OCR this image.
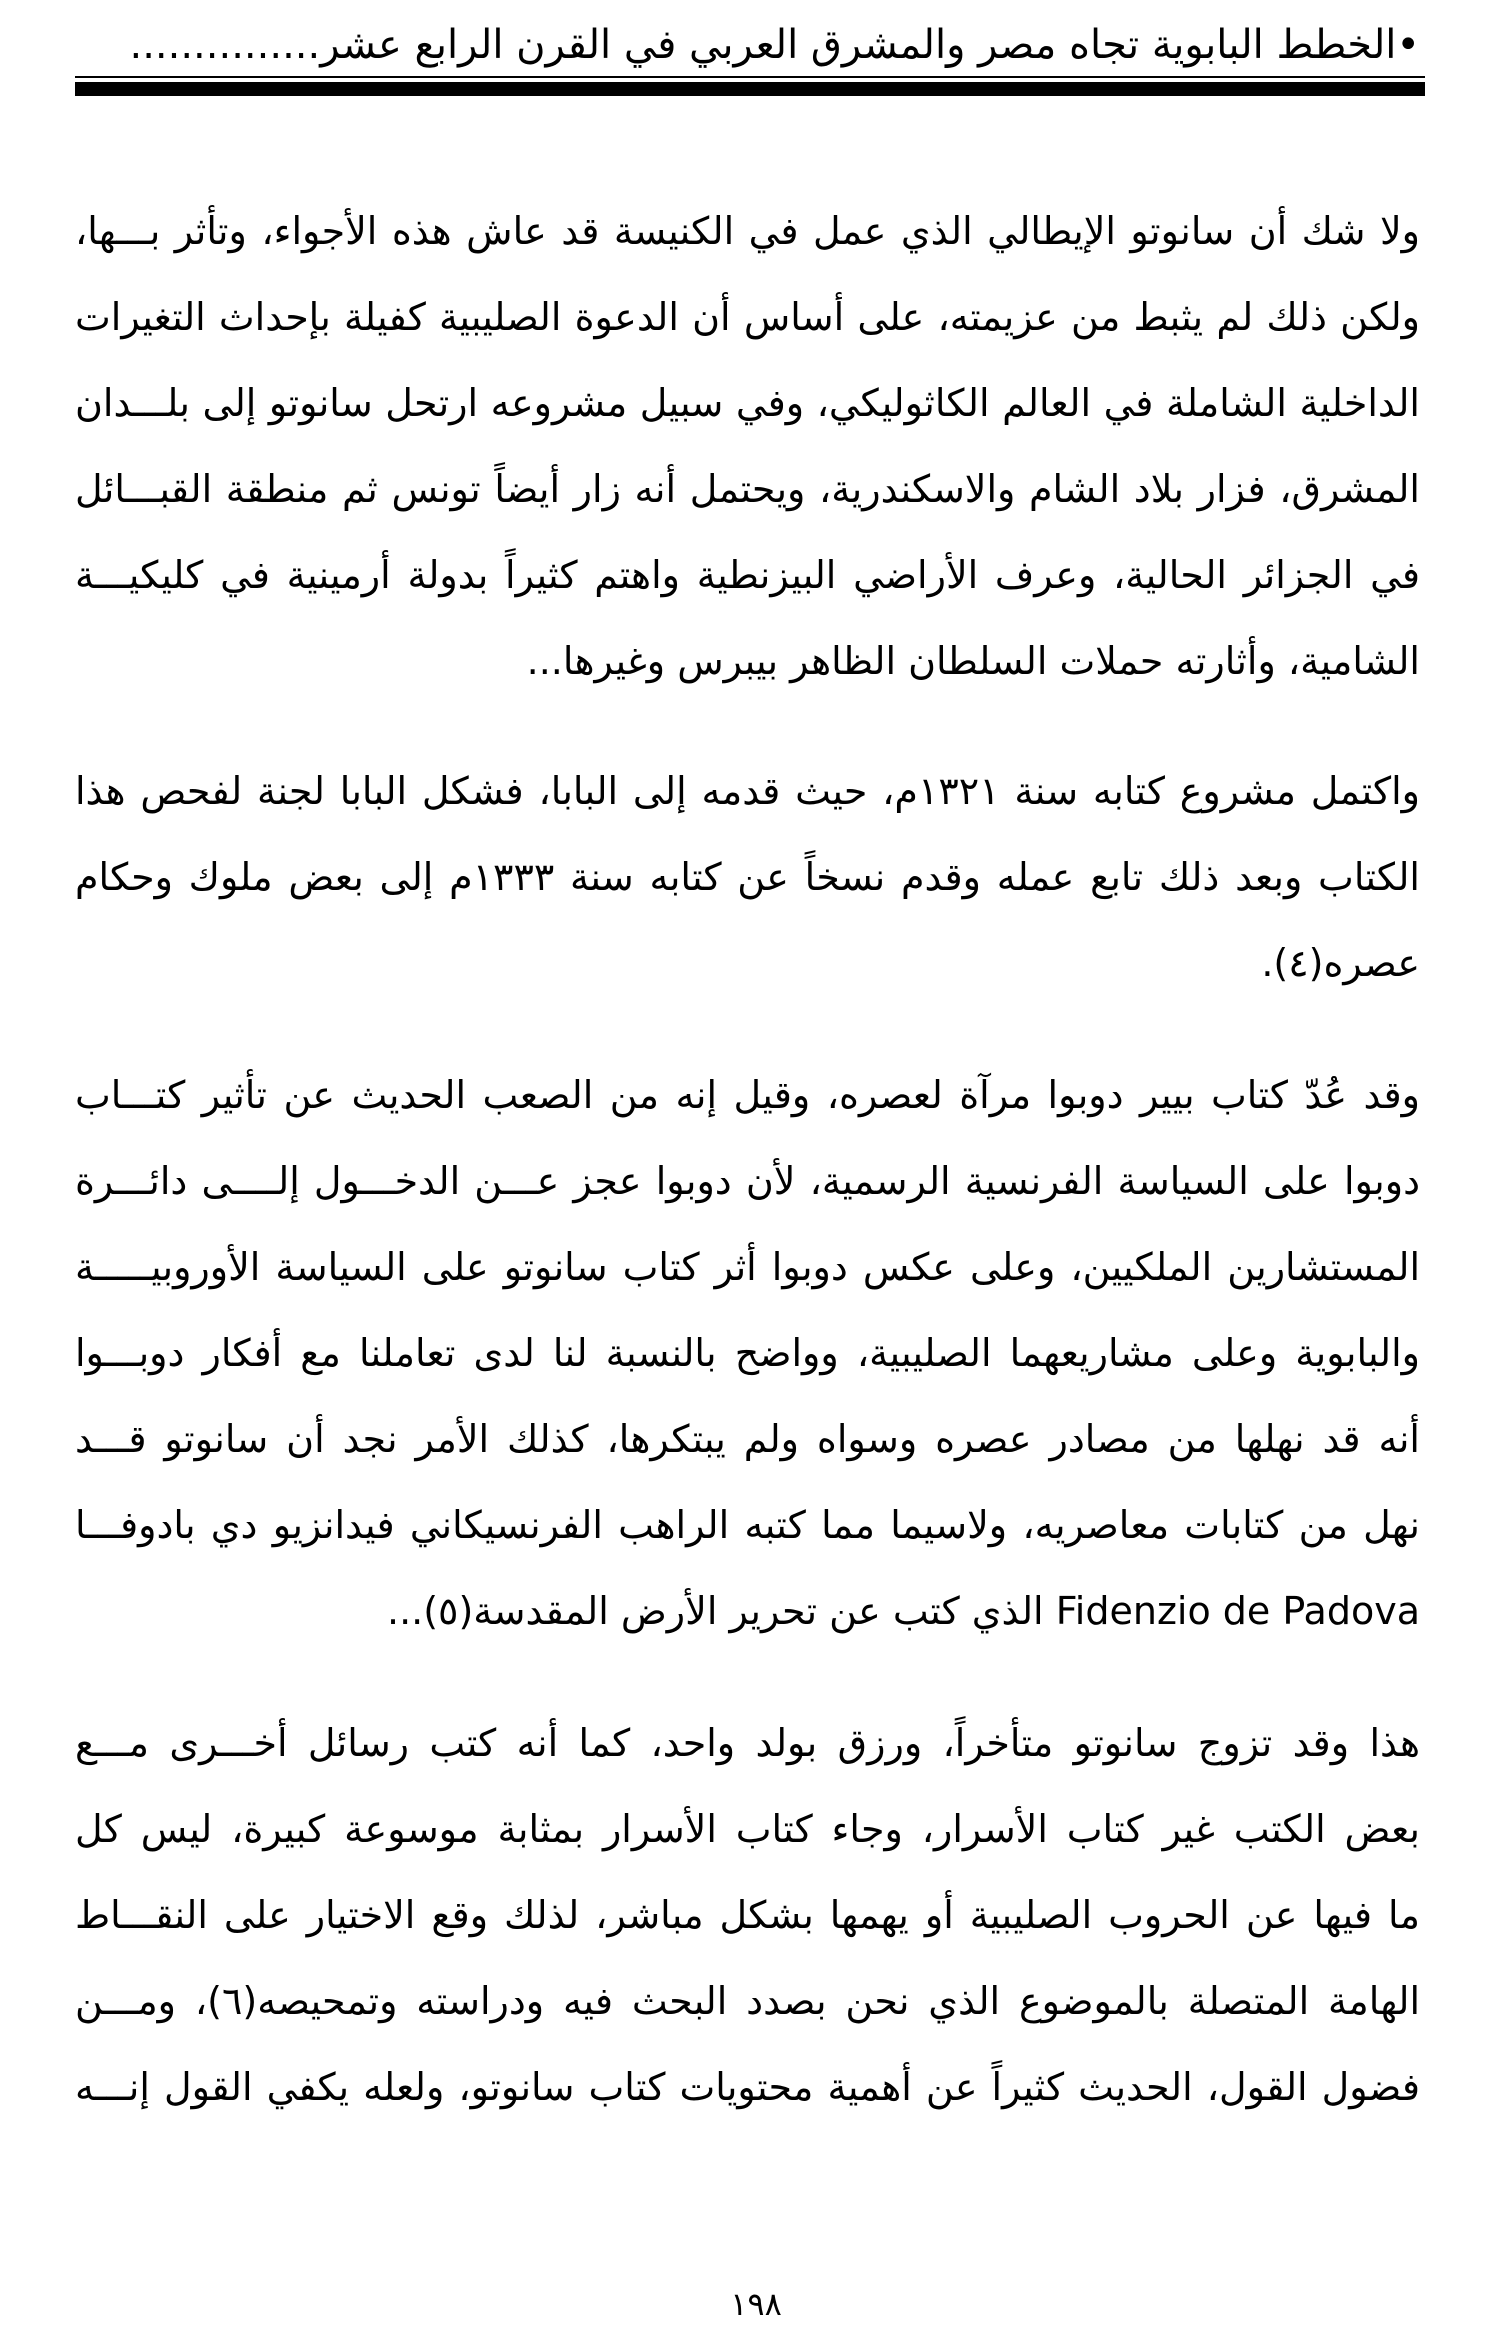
•الخطط البابوية تجاه مصر والمشرق العربي في القرن الرابع عشر...............
ولا شك أن سانوتو الإيطالي الذي عمل في الكنيسة قد عاش هذه الأجواء، وتأثر بـــها،
ولكن ذلك لم يثبط من عزيمته، على أساس أن الدعوة الصليبية كفيلة بإحداث التغيرات
الداخلية الشاملة في العالم الكاثوليكي، وفي سبيل مشروعه ارتحل سانوتو إلى بلـــدان
المشرق، فزار بلاد الشام والاسكندرية، ويحتمل أنه زار أيضاً تونس ثم منطقة القبـــائل
في الجزائر الحالية، وعرف الأراضي البيزنطية واهتم كثيراً بدولة أرمينية في كليكيـــة
الشامية، وأثارته حملات السلطان الظاهر بيبرس وغيرها...
واكتمل مشروع كتابه سنة ١٣٢١م، حيث قدمه إلى البابا، فشكل البابا لجنة لفحص هذا
الكتاب وبعد ذلك تابع عمله وقدم نسخاً عن كتابه سنة ١٣٣٣م إلى بعض ملوك وحكام
عصره(٤).
وقد عُدّ كتاب بيير دوبوا مرآة لعصره، وقيل إنه من الصعب الحديث عن تأثير كتـــاب
دوبوا على السياسة الفرنسية الرسمية، لأن دوبوا عجز عـــن الدخـــول إلــــى دائـــرة
المستشارين الملكيين، وعلى عكس دوبوا أثر كتاب سانوتو على السياسة الأوروبيـــــة
والبابوية وعلى مشاريعهما الصليبية، وواضح بالنسبة لنا لدى تعاملنا مع أفكار دوبـــوا
أنه قد نهلها من مصادر عصره وسواه ولم يبتكرها، كذلك الأمر نجد أن سانوتو قـــد
نهل من كتابات معاصريه، ولاسيما مما كتبه الراهب الفرنسيكاني فيدانزيو دي بادوفـــا
Fidenzio de Padova الذي كتب عن تحرير الأرض المقدسة(٥)...
هذا وقد تزوج سانوتو متأخراً، ورزق بولد واحد، كما أنه كتب رسائل أخـــرى مـــع
بعض الكتب غير كتاب الأسرار، وجاء كتاب الأسرار بمثابة موسوعة كبيرة، ليس كل
ما فيها عن الحروب الصليبية أو يهمها بشكل مباشر، لذلك وقع الاختيار على النقـــاط
الهامة المتصلة بالموضوع الذي نحن بصدد البحث فيه ودراسته وتمحيصه(٦)، ومـــن
فضول القول، الحديث كثيراً عن أهمية محتويات كتاب سانوتو، ولعله يكفي القول إنـــه
١٩٨
